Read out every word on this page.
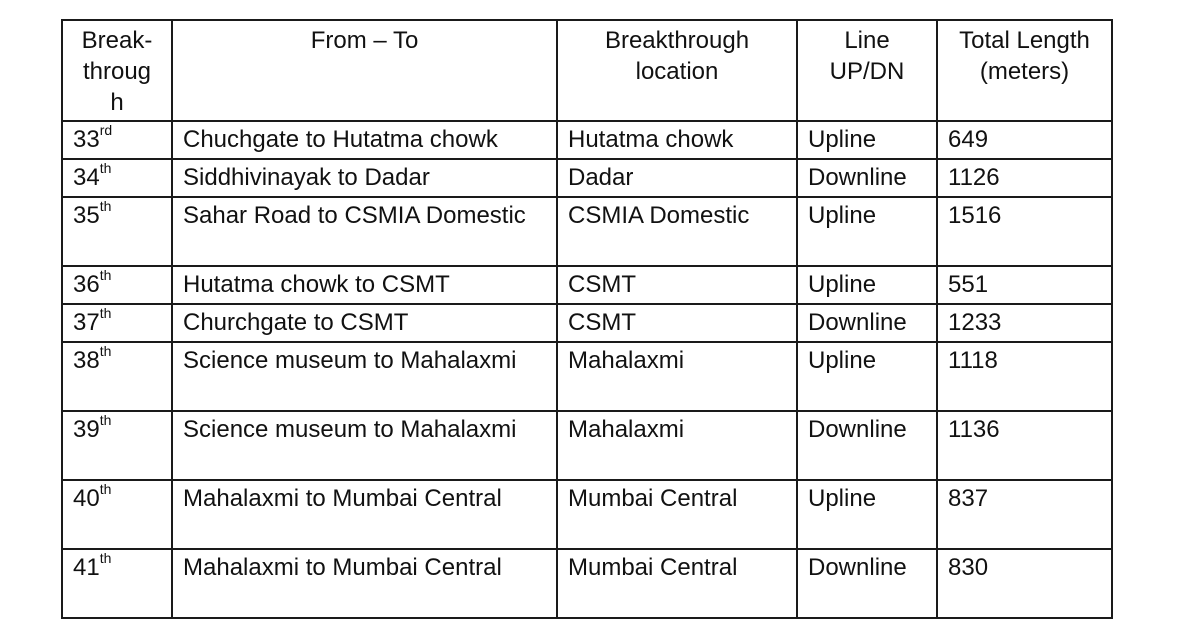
Break-throug h	From – To	Breakthrough location	Line UP/DN	Total Length (meters)
33rd	Chuchgate to Hutatma chowk	Hutatma chowk	Upline	649
34th	Siddhivinayak to Dadar	Dadar	Downline	1126
35th	Sahar Road to CSMIA Domestic	CSMIA Domestic	Upline	1516
36th	Hutatma chowk to CSMT	CSMT	Upline	551
37th	Churchgate to CSMT	CSMT	Downline	1233
38th	Science museum to Mahalaxmi	Mahalaxmi	Upline	1118
39th	Science museum to Mahalaxmi	Mahalaxmi	Downline	1136
40th	Mahalaxmi to Mumbai Central	Mumbai Central	Upline	837
41th	Mahalaxmi to Mumbai Central	Mumbai Central	Downline	830
